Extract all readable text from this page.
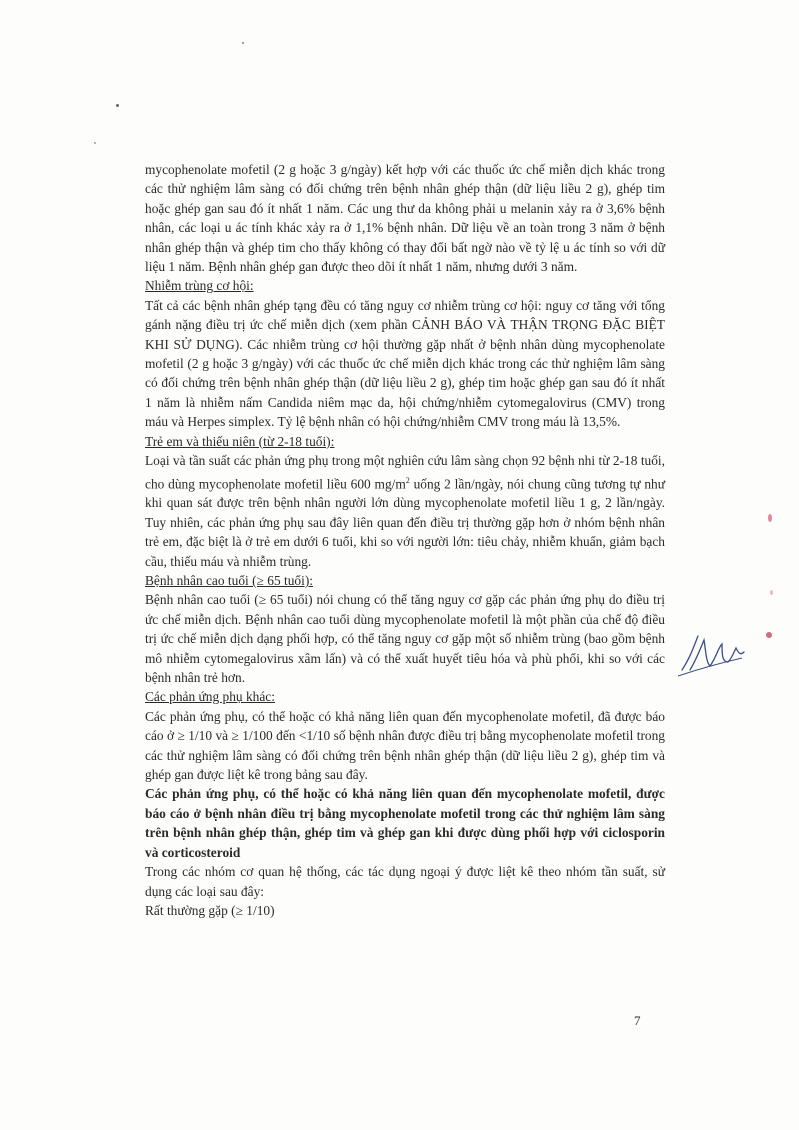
mycophenolate mofetil (2 g hoặc 3 g/ngày) kết hợp với các thuốc ức chế miễn dịch khác trong các thử nghiệm lâm sàng có đối chứng trên bệnh nhân ghép thận (dữ liệu liều 2 g), ghép tim hoặc ghép gan sau đó ít nhất 1 năm. Các ung thư da không phải u melanin xảy ra ở 3,6% bệnh nhân, các loại u ác tính khác xảy ra ở 1,1% bệnh nhân. Dữ liệu về an toàn trong 3 năm ở bệnh nhân ghép thận và ghép tim cho thấy không có thay đổi bất ngờ nào về tỷ lệ u ác tính so với dữ liệu 1 năm. Bệnh nhân ghép gan được theo dõi ít nhất 1 năm, nhưng dưới 3 năm.

Nhiễm trùng cơ hội:

Tất cả các bệnh nhân ghép tạng đều có tăng nguy cơ nhiễm trùng cơ hội: nguy cơ tăng với tổng gánh nặng điều trị ức chế miễn dịch (xem phần CẢNH BÁO VÀ THẬN TRỌNG ĐẶC BIỆT KHI SỬ DỤNG). Các nhiễm trùng cơ hội thường gặp nhất ở bệnh nhân dùng mycophenolate mofetil (2 g hoặc 3 g/ngày) với các thuốc ức chế miễn dịch khác trong các thử nghiệm lâm sàng có đối chứng trên bệnh nhân ghép thận (dữ liệu liều 2 g), ghép tim hoặc ghép gan sau đó ít nhất 1 năm là nhiễm nấm Candida niêm mạc da, hội chứng/nhiễm cytomegalovirus (CMV) trong máu và Herpes simplex. Tỷ lệ bệnh nhân có hội chứng/nhiễm CMV trong máu là 13,5%.

Trẻ em và thiếu niên (từ 2-18 tuổi):

Loại và tần suất các phản ứng phụ trong một nghiên cứu lâm sàng chọn 92 bệnh nhi từ 2-18 tuổi, cho dùng mycophenolate mofetil liều 600 $mg/m^2$ uống 2 lần/ngày, nói chung cũng tương tự như khi quan sát được trên bệnh nhân người lớn dùng mycophenolate mofetil liều 1 g, 2 lần/ngày. Tuy nhiên, các phản ứng phụ sau đây liên quan đến điều trị thường gặp hơn ở nhóm bệnh nhân trẻ em, đặc biệt là ở trẻ em dưới 6 tuổi, khi so với người lớn: tiêu chảy, nhiễm khuẩn, giảm bạch cầu, thiếu máu và nhiễm trùng.

Bệnh nhân cao tuổi (≥ 65 tuổi):

Bệnh nhân cao tuổi (≥ 65 tuổi) nói chung có thể tăng nguy cơ gặp các phản ứng phụ do điều trị ức chế miễn dịch. Bệnh nhân cao tuổi dùng mycophenolate mofetil là một phần của chế độ điều trị ức chế miễn dịch dạng phối hợp, có thể tăng nguy cơ gặp một số nhiễm trùng (bao gồm bệnh mô nhiễm cytomegalovirus xâm lấn) và có thể xuất huyết tiêu hóa và phù phổi, khi so với các bệnh nhân trẻ hơn.

Các phản ứng phụ khác:

Các phản ứng phụ, có thể hoặc có khả năng liên quan đến mycophenolate mofetil, đã được báo cáo ở ≥ 1/10 và ≥ 1/100 đến <1/10 số bệnh nhân được điều trị bằng mycophenolate mofetil trong các thử nghiệm lâm sàng có đối chứng trên bệnh nhân ghép thận (dữ liệu liều 2 g), ghép tim và ghép gan được liệt kê trong bảng sau đây.

Các phản ứng phụ, có thể hoặc có khả năng liên quan đến mycophenolate mofetil, được báo cáo ở bệnh nhân điều trị bằng mycophenolate mofetil trong các thử nghiệm lâm sàng trên bệnh nhân ghép thận, ghép tim và ghép gan khi được dùng phối hợp với ciclosporin và corticosteroid

Trong các nhóm cơ quan hệ thống, các tác dụng ngoại ý được liệt kê theo nhóm tần suất, sử dụng các loại sau đây:

Rất thường gặp (≥ 1/10)

7
